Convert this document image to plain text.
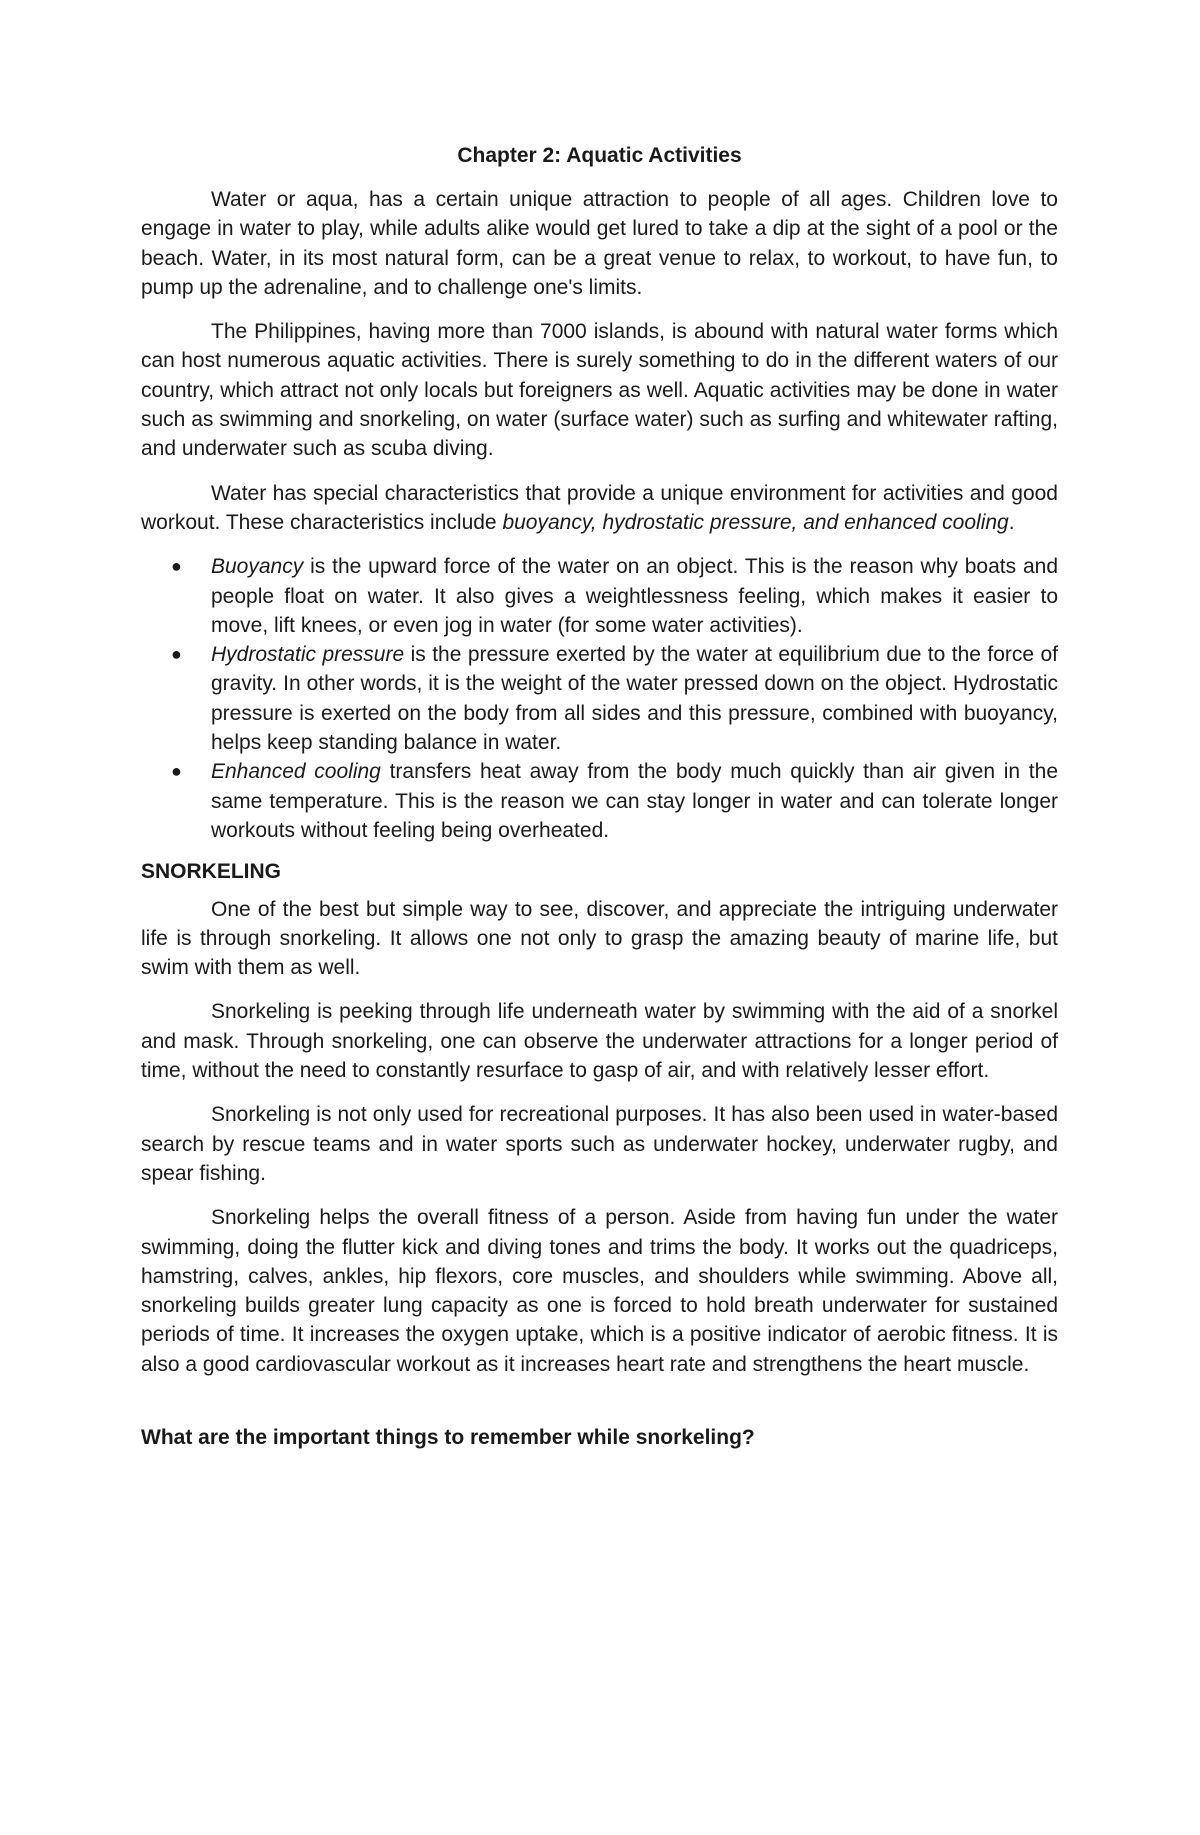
Chapter 2: Aquatic Activities

Water or aqua, has a certain unique attraction to people of all ages. Children love to engage in water to play, while adults alike would get lured to take a dip at the sight of a pool or the beach. Water, in its most natural form, can be a great venue to relax, to workout, to have fun, to pump up the adrenaline, and to challenge one's limits.

The Philippines, having more than 7000 islands, is abound with natural water forms which can host numerous aquatic activities. There is surely something to do in the different waters of our country, which attract not only locals but foreigners as well. Aquatic activities may be done in water such as swimming and snorkeling, on water (surface water) such as surfing and whitewater rafting, and underwater such as scuba diving.

Water has special characteristics that provide a unique environment for activities and good workout. These characteristics include buoyancy, hydrostatic pressure, and enhanced cooling.

● Buoyancy is the upward force of the water on an object. This is the reason why boats and people float on water. It also gives a weightlessness feeling, which makes it easier to move, lift knees, or even jog in water (for some water activities).
● Hydrostatic pressure is the pressure exerted by the water at equilibrium due to the force of gravity. In other words, it is the weight of the water pressed down on the object. Hydrostatic pressure is exerted on the body from all sides and this pressure, combined with buoyancy, helps keep standing balance in water.
● Enhanced cooling transfers heat away from the body much quickly than air given in the same temperature. This is the reason we can stay longer in water and can tolerate longer workouts without feeling being overheated.
SNORKELING

One of the best but simple way to see, discover, and appreciate the intriguing underwater life is through snorkeling. It allows one not only to grasp the amazing beauty of marine life, but swim with them as well.

Snorkeling is peeking through life underneath water by swimming with the aid of a snorkel and mask. Through snorkeling, one can observe the underwater attractions for a longer period of time, without the need to constantly resurface to gasp of air, and with relatively lesser effort.

Snorkeling is not only used for recreational purposes. It has also been used in water-based search by rescue teams and in water sports such as underwater hockey, underwater rugby, and spear fishing.

Snorkeling helps the overall fitness of a person. Aside from having fun under the water swimming, doing the flutter kick and diving tones and trims the body. It works out the quadriceps, hamstring, calves, ankles, hip flexors, core muscles, and shoulders while swimming. Above all, snorkeling builds greater lung capacity as one is forced to hold breath underwater for sustained periods of time. It increases the oxygen uptake, which is a positive indicator of aerobic fitness. It is also a good cardiovascular workout as it increases heart rate and strengthens the heart muscle.

What are the important things to remember while snorkeling?
